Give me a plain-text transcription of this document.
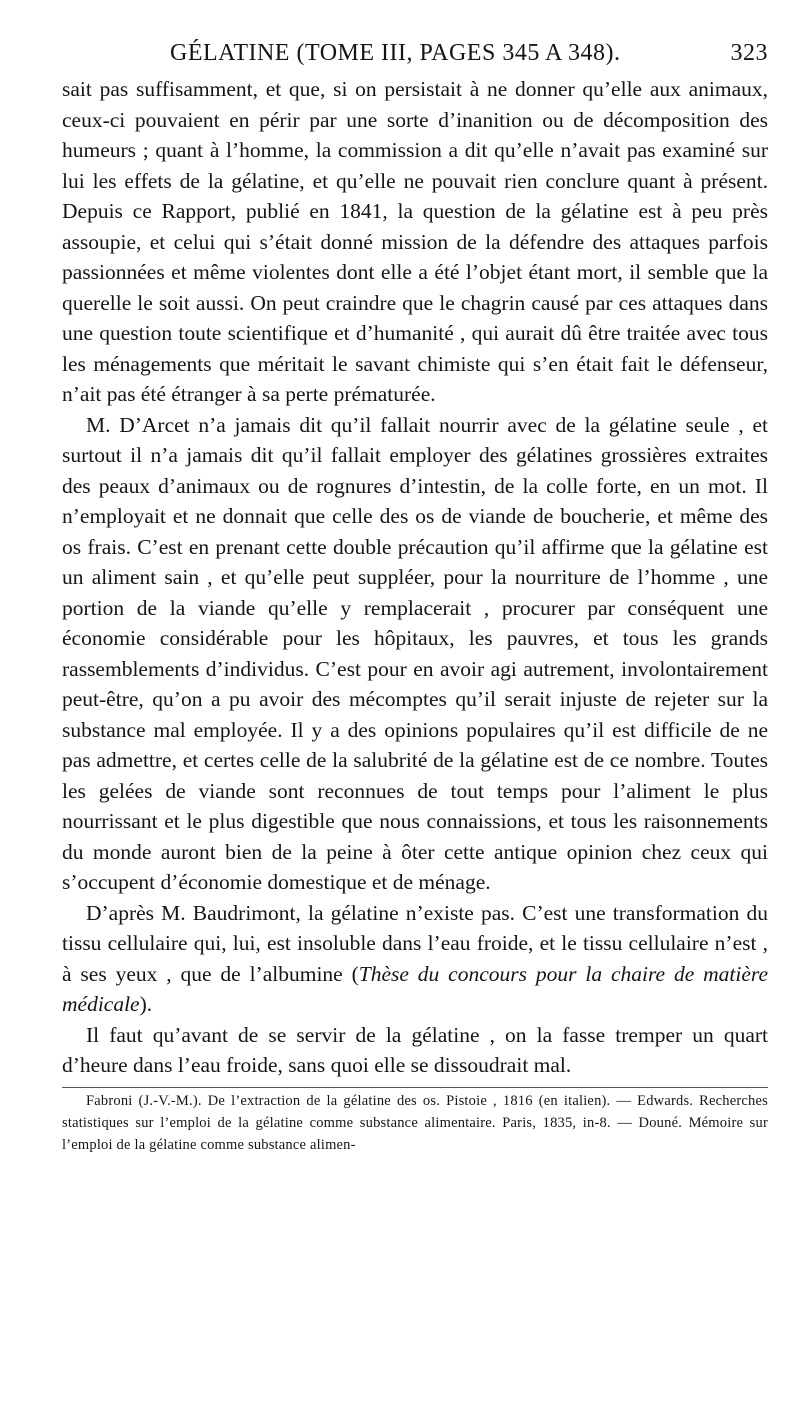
GÉLATINE (TOME III, PAGES 345 A 348).	323

sait pas suffisamment, et que, si on persistait à ne donner qu’elle aux animaux, ceux-ci pouvaient en périr par une sorte d’inanition ou de décomposition des humeurs ; quant à l’homme, la commission a dit qu’elle n’avait pas examiné sur lui les effets de la gélatine, et qu’elle ne pouvait rien conclure quant à présent. Depuis ce Rapport, publié en 1841, la question de la gélatine est à peu près assoupie, et celui qui s’était donné mission de la défendre des attaques parfois passionnées et même violentes dont elle a été l’objet étant mort, il semble que la querelle le soit aussi. On peut craindre que le chagrin causé par ces attaques dans une question toute scientifique et d’humanité , qui aurait dû être traitée avec tous les ménagements que méritait le savant chimiste qui s’en était fait le défenseur, n’ait pas été étranger à sa perte prématurée.

M. D’Arcet n’a jamais dit qu’il fallait nourrir avec de la gélatine seule , et surtout il n’a jamais dit qu’il fallait employer des gélatines grossières extraites des peaux d’animaux ou de rognures d’intestin, de la colle forte, en un mot. Il n’employait et ne donnait que celle des os de viande de boucherie, et même des os frais. C’est en prenant cette double précaution qu’il affirme que la gélatine est un aliment sain , et qu’elle peut suppléer, pour la nourriture de l’homme , une portion de la viande qu’elle y remplacerait , procurer par conséquent une économie considérable pour les hôpitaux, les pauvres, et tous les grands rassemblements d’individus. C’est pour en avoir agi autrement, involontairement peut-être, qu’on a pu avoir des mécomptes qu’il serait injuste de rejeter sur la substance mal employée. Il y a des opinions populaires qu’il est difficile de ne pas admettre, et certes celle de la salubrité de la gélatine est de ce nombre. Toutes les gelées de viande sont reconnues de tout temps pour l’aliment le plus nourrissant et le plus digestible que nous connaissions, et tous les raisonnements du monde auront bien de la peine à ôter cette antique opinion chez ceux qui s’occupent d’économie domestique et de ménage.

D’après M. Baudrimont, la gélatine n’existe pas. C’est une transformation du tissu cellulaire qui, lui, est insoluble dans l’eau froide, et le tissu cellulaire n’est , à ses yeux , que de l’albumine (Thèse du concours pour la chaire de matière médicale).

Il faut qu’avant de se servir de la gélatine , on la fasse tremper un quart d’heure dans l’eau froide, sans quoi elle se dissoudrait mal.

Fabroni (J.-V.-M.). De l’extraction de la gélatine des os. Pistoie , 1816 (en italien). — Edwards. Recherches statistiques sur l’emploi de la gélatine comme substance alimentaire. Paris, 1835, in-8. — Douné. Mémoire sur l’emploi de la gélatine comme substance alimen-
